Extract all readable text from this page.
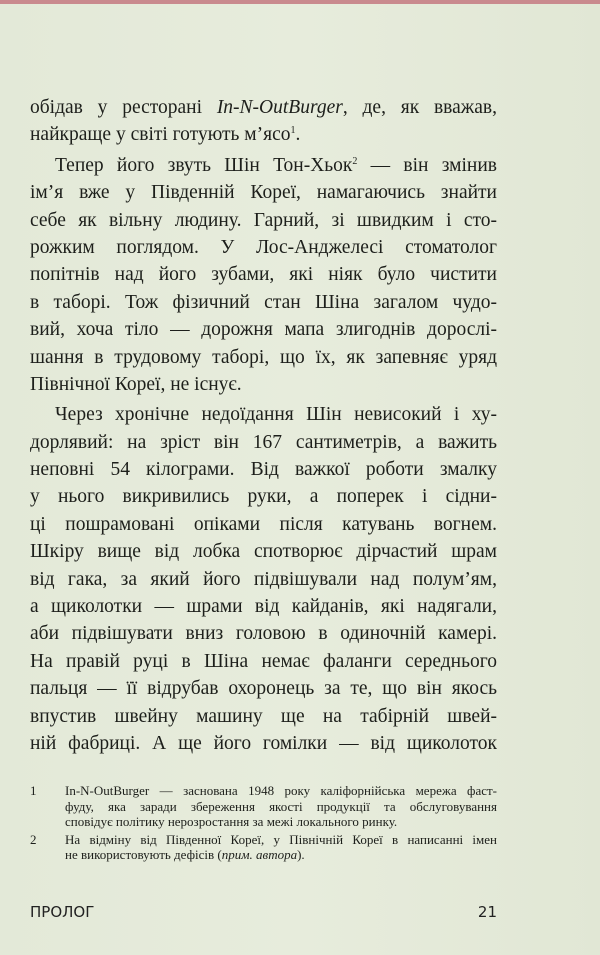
обідав у ресторані In-N-OutBurger, де, як вважав,
найкраще у світі готують м’ясо$^1$.
Тепер його звуть Шін Тон-Хьок$^2$ — він змінив
ім’я вже у Південній Кореї, намагаючись знайти
себе як вільну людину. Гарний, зі швидким і сто-
рожким поглядом. У Лос-Анджелесі стоматолог
попітнів над його зубами, які ніяк було чистити
в таборі. Тож фізичний стан Шіна загалом чудо-
вий, хоча тіло — дорожня мапа злигоднів дорослі-
шання в трудовому таборі, що їх, як запевняє уряд
Північної Кореї, не існує.
Через хронічне недоїдання Шін невисокий і ху-
дорлявий: на зріст він 167 сантиметрів, а важить
неповні 54 кілограми. Від важкої роботи змалку
у нього викривились руки, а поперек і сідни-
ці пошрамовані опіками після катувань вогнем.
Шкіру вище від лобка спотворює дірчастий шрам
від гака, за який його підвішували над полум’ям,
а щиколотки — шрами від кайданів, які надягали,
аби підвішувати вниз головою в одиночній камері.
На правій руці в Шіна немає фаланги середнього
пальця — її відрубав охоронець за те, що він якось
впустив швейну машину ще на табірній швей-
ній фабриці. А ще його гомілки — від щиколоток
1	In-N-OutBurger — заснована 1948 року каліфорнійська мережа фаст-
фуду, яка заради збереження якості продукції та обслуговування
сповідує політику нерозростання за межі локального ринку.
2	На відміну від Південної Кореї, у Північній Кореї в написанні імен
не використовують дефісів (прим. автора).
ПРОЛОГ	21
